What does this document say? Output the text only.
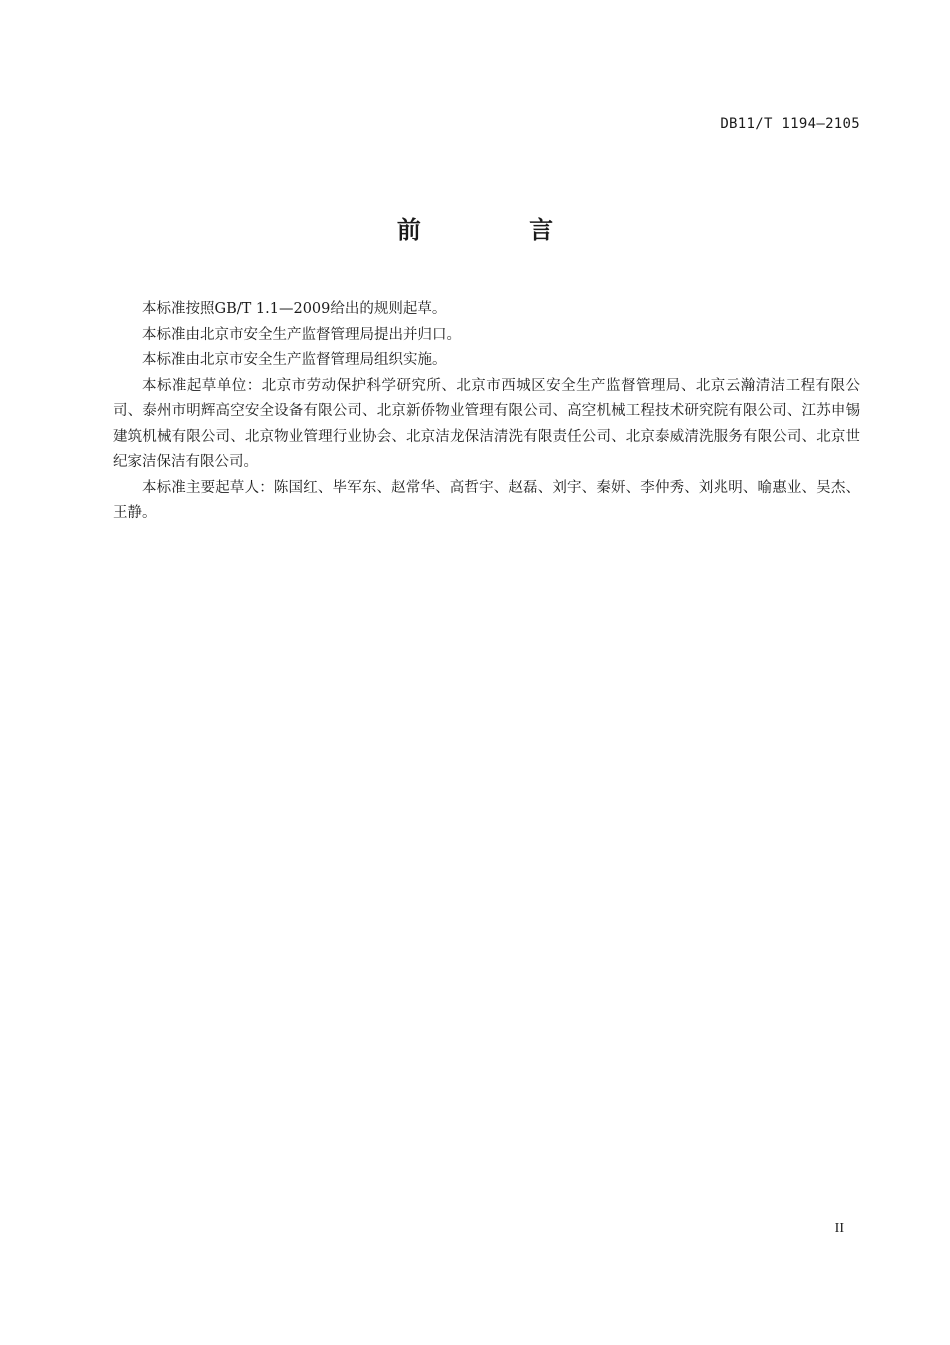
DB11/T 1194—2105
前 言

本标准按照GB/T 1.1—2009给出的规则起草。

本标准由北京市安全生产监督管理局提出并归口。

本标准由北京市安全生产监督管理局组织实施。

本标准起草单位：北京市劳动保护科学研究所、北京市西城区安全生产监督管理局、北京云瀚清洁工程有限公司、泰州市明辉高空安全设备有限公司、北京新侨物业管理有限公司、高空机械工程技术研究院有限公司、江苏申锡建筑机械有限公司、北京物业管理行业协会、北京洁龙保洁清洗有限责任公司、北京泰威清洗服务有限公司、北京世纪家洁保洁有限公司。

本标准主要起草人：陈国红、毕军东、赵常华、高哲宇、赵磊、刘宇、秦妍、李仲秀、刘兆明、喻惠业、吴杰、王静。

II
